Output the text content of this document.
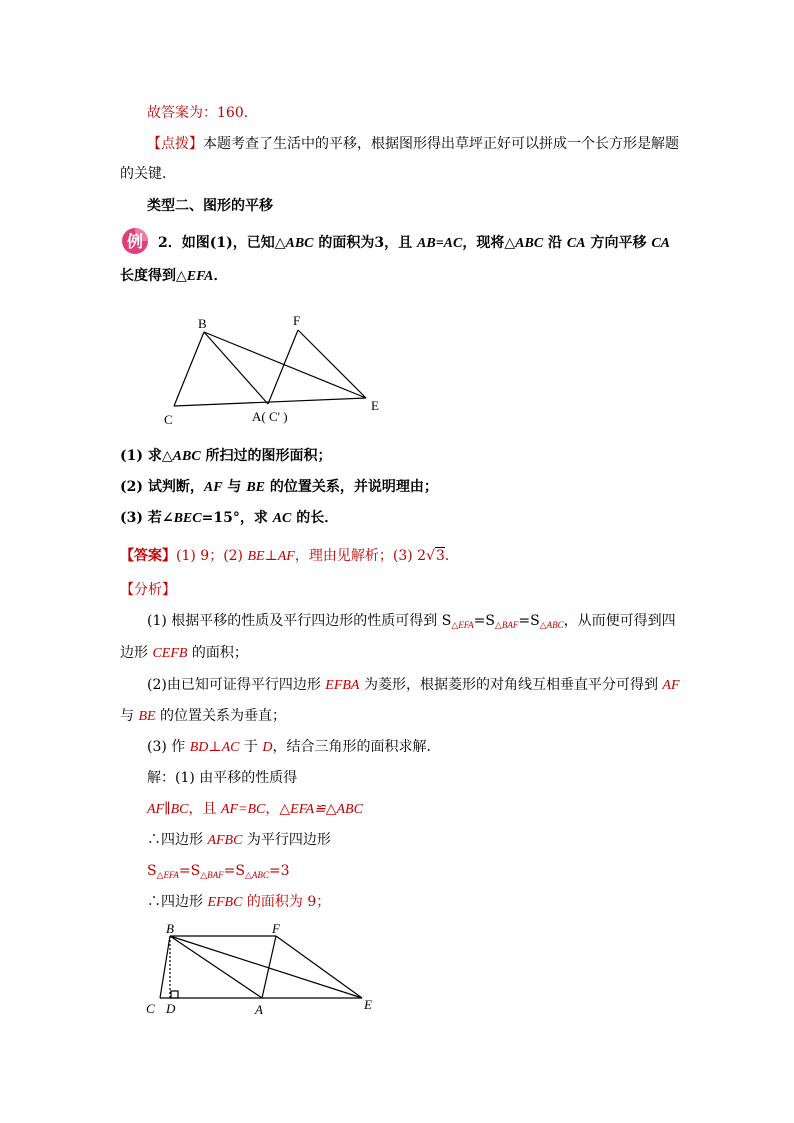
故答案为：160．
【点拨】本题考查了生活中的平移，根据图形得出草坪正好可以拼成一个长方形是解题
的关键．
类型二、图形的平移
例 2．如图(1)，已知△ABC 的面积为3，且 AB=AC，现将△ABC 沿 CA 方向平移 CA
长度得到△EFA．
B	F
C	A( C' )
E
(1) 求△ABC 所扫过的图形面积；
(2) 试判断，AF 与 BE 的位置关系，并说明理由；
(3) 若∠BEC=15°，求 AC 的长．
【答案】(1) 9；(2) BE⊥AF，理由见解析；(3) 2√3．
【分析】
(1) 根据平移的性质及平行四边形的性质可得到 $S_{\triangle EFA}=S_{\triangle BAF}=S_{\triangle ABC}$，从而便可得到四
边形 CEFB 的面积；
(2)由已知可证得平行四边形 EFBA 为菱形，根据菱形的对角线互相垂直平分可得到 AF
与 BE 的位置关系为垂直；
(3) 作 BD⊥AC 于 D，结合三角形的面积求解．
解：(1) 由平移的性质得
AF∥BC，且 AF=BC，△EFA≌△ABC
∴四边形 AFBC 为平行四边形
$S_{\triangle EFA}=S_{\triangle BAF}=S_{\triangle ABC}=3$
∴四边形 EFBC 的面积为 9；
B	F
C D	A	E
